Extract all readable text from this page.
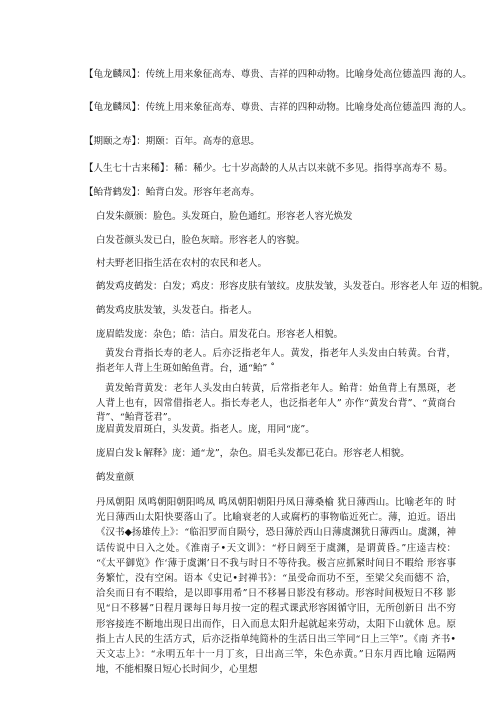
【龟龙麟凤】：传统上用来象征高寿、尊贵、吉祥的四种动物。比喻身处高位德盖四 海的人。
【龟龙麟凤】：传统上用来象征高寿、尊贵、吉祥的四种动物。比喻身处高位德盖四 海的人。
【期颐之寿】：期颐：百年。高寿的意思。
【人生七十古来稀】：稀：稀少。七十岁高龄的人从古以来就不多见。指得享高寿不 易。
【鲐背鹤发】：鲐背白发。形容年老高寿。
白发朱颜颁：脸色。头发斑白，脸色通红。形容老人容光焕发
白发苍颜头发已白，脸色灰暗。形容老人的容貌。
村夫野老旧指生活在农村的农民和老人。
鹤发鸡皮鹤发：白发；鸡皮：形容皮肤有皱纹。皮肤发皱，头发苍白。形容老人年 迈的相貌。
鹤发鸡皮肤发皱，头发苍白。指老人。
庞眉皓发庞：杂色；皓：洁白。眉发花白。形容老人相貌。
黄发台背指长寿的老人。后亦泛指老年人。黄发，指老年人头发由白转黄。台背， 指老年人背上生斑如鲐鱼背。台，通“鲐” ˚
黄发鲐背黄发：老年人头发由白转黄，后常指老年人。鲐背：始鱼背上有黑斑，老 人背上也有，因常借指老人。指长寿老人，也泛指老年人” 亦作“黄发台背”、“黄商台 背”、“鲐背苍君”。
庞眉黄发眉斑白，头发黄。指老人。庞，用同“庞”。
庞眉白发ｋ解释》庞：通“龙”，杂色。眉毛头发都已花白。形容老人相貌。
鹤发童颜
丹凤朝阳 凤鸣朝阳朝阳鸣凤 鸣凤朝阳朝阳丹凤日薄桑榆 犹日薄西山。比喻老年的 时光日薄西山太阳快要落山了。比喻衰老的人或腐朽的事物临近死亡。薄，迫近。语出 《汉书◆扬雄传上》：“临汨罗而自陨兮，恐日薄於西山日薄虞渊犹日薄西山。虞渊，神话传说中日入之处。《淮南子•天文训》：“杼日阏至于虞渊，是谓黄昏。”庄逵吉校： “《太平御览》作‘薄于虞渊’日不我与时日不等待我。极言应抓紧时间日不暇给 形容事务繁忙，没有空闲。语本《史记•封禅书》：“虽受命而功不至，至梁父矣而德不 洽，洽矣而日有不暇给，是以即事用希”日不移晷日影没有移动。形容时间极短日不移 影见“日不移晷”日程月课每日每月按一定的程式课武形容困循守旧，无所创新日 出不穷形容接连不断地出现日出而作，日入而息太阳升起就起来劳动，太阳下山就休 息。原指上古人民的生活方式，后亦泛指单纯简朴的生活日出三竿同“日上三竿”。《南 齐书•天文志上》：“永明五年十一月丁亥，日出高三竿，朱色赤黄。”日东月西比喻 远隔两地，不能相聚日短心长时间少，心里想
